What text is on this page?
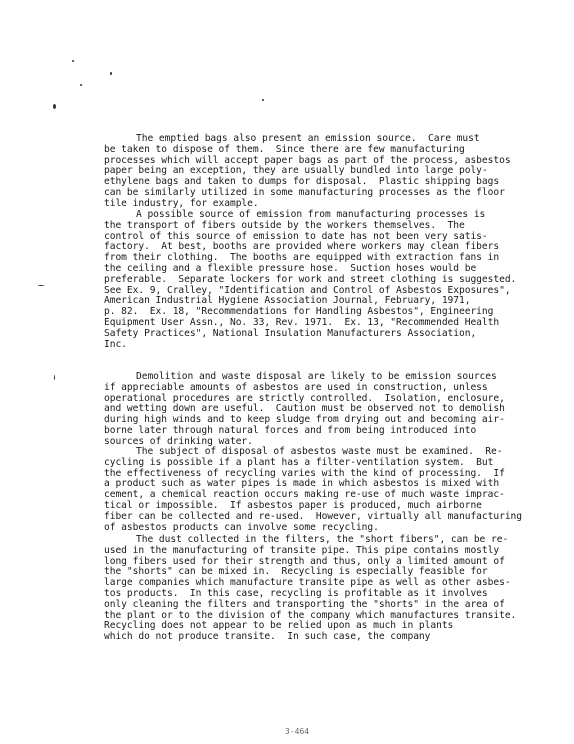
The emptied bags also present an emission source.  Care must
be taken to dispose of them.  Since there are few manufacturing
processes which will accept paper bags as part of the process, asbestos
paper being an exception, they are usually bundled into large poly-
ethylene bags and taken to dumps for disposal.  Plastic shipping bags
can be similarly utilized in some manufacturing processes as the floor
tile industry, for example.
A possible source of emission from manufacturing processes is
the transport of fibers outside by the workers themselves.  The
control of this source of emission to date has not been very satis-
factory.  At best, booths are provided where workers may clean fibers
from their clothing.  The booths are equipped with extraction fans in
the ceiling and a flexible pressure hose.  Suction hoses would be
preferable.  Separate lockers for work and street clothing is suggested.
See Ex. 9, Cralley, "Identification and Control of Asbestos Exposures",
American Industrial Hygiene Association Journal, February, 1971,
p. 82.  Ex. 18, "Recommendations for Handling Asbestos", Engineering
Equipment User Assn., No. 33, Rev. 1971.  Ex. 13, "Recommended Health
Safety Practices", National Insulation Manufacturers Association,
Inc.
Demolition and waste disposal are likely to be emission sources
if appreciable amounts of asbestos are used in construction, unless
operational procedures are strictly controlled.  Isolation, enclosure,
and wetting down are useful.  Caution must be observed not to demolish
during high winds and to keep sludge from drying out and becoming air-
borne later through natural forces and from being introduced into
sources of drinking water.
The subject of disposal of asbestos waste must be examined.  Re-
cycling is possible if a plant has a filter-ventilation system.  But
the effectiveness of recycling varies with the kind of processing.  If
a product such as water pipes is made in which asbestos is mixed with
cement, a chemical reaction occurs making re-use of much waste imprac-
tical or impossible.  If asbestos paper is produced, much airborne
fiber can be collected and re-used.  However, virtually all manufacturing
of asbestos products can involve some recycling.
The dust collected in the filters, the "short fibers", can be re-
used in the manufacturing of transite pipe. This pipe contains mostly
long fibers used for their strength and thus, only a limited amount of
the "shorts" can be mixed in.  Recycling is especially feasible for
large companies which manufacture transite pipe as well as other asbes-
tos products.  In this case, recycling is profitable as it involves
only cleaning the filters and transporting the "shorts" in the area of
the plant or to the division of the company which manufactures transite.
Recycling does not appear to be relied upon as much in plants
which do not produce transite.  In such case, the company
3-464
